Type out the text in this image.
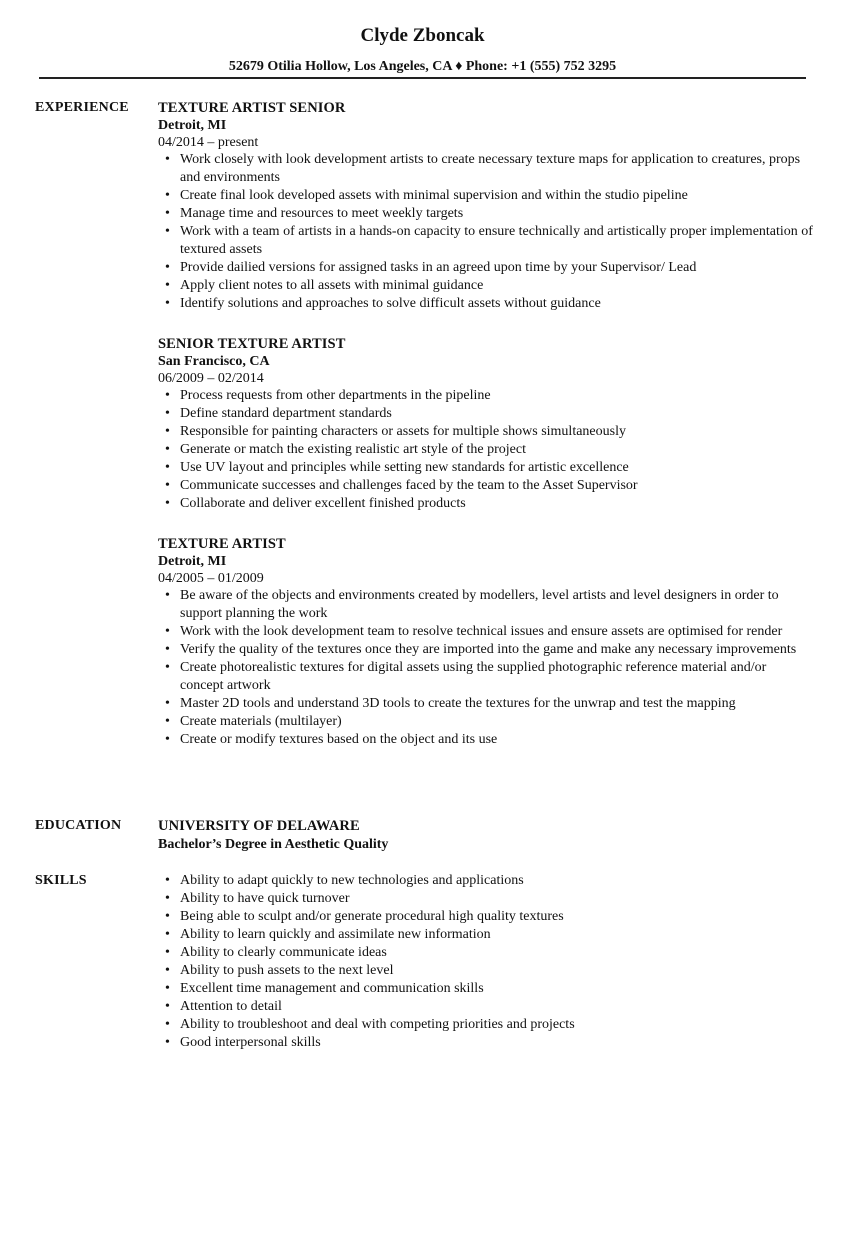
Clyde Zboncak
52679 Otilia Hollow, Los Angeles, CA ♦ Phone: +1 (555) 752 3295
EXPERIENCE TEXTURE ARTIST SENIOR
Detroit, MI
04/2014 – present
• Work closely with look development artists to create necessary texture maps for application to creatures, props and environments
• Create final look developed assets with minimal supervision and within the studio pipeline
• Manage time and resources to meet weekly targets
• Work with a team of artists in a hands-on capacity to ensure technically and artistically proper implementation of textured assets
• Provide dailied versions for assigned tasks in an agreed upon time by your Supervisor/ Lead
• Apply client notes to all assets with minimal guidance
• Identify solutions and approaches to solve difficult assets without guidance
SENIOR TEXTURE ARTIST
San Francisco, CA
06/2009 – 02/2014
• Process requests from other departments in the pipeline
• Define standard department standards
• Responsible for painting characters or assets for multiple shows simultaneously
• Generate or match the existing realistic art style of the project
• Use UV layout and principles while setting new standards for artistic excellence
• Communicate successes and challenges faced by the team to the Asset Supervisor
• Collaborate and deliver excellent finished products
TEXTURE ARTIST
Detroit, MI
04/2005 – 01/2009
• Be aware of the objects and environments created by modellers, level artists and level designers in order to support planning the work
• Work with the look development team to resolve technical issues and ensure assets are optimised for render
• Verify the quality of the textures once they are imported into the game and make any necessary improvements
• Create photorealistic textures for digital assets using the supplied photographic reference material and/or concept artwork
• Master 2D tools and understand 3D tools to create the textures for the unwrap and test the mapping
• Create materials (multilayer)
• Create or modify textures based on the object and its use
EDUCATION	UNIVERSITY OF DELAWARE
Bachelor’s Degree in Aesthetic Quality
SKILLS
•	Ability to adapt quickly to new technologies and applications
• Ability to have quick turnover
• Being able to sculpt and/or generate procedural high quality textures
• Ability to learn quickly and assimilate new information
• Ability to clearly communicate ideas
• Ability to push assets to the next level
• Excellent time management and communication skills
• Attention to detail
• Ability to troubleshoot and deal with competing priorities and projects
• Good interpersonal skills
